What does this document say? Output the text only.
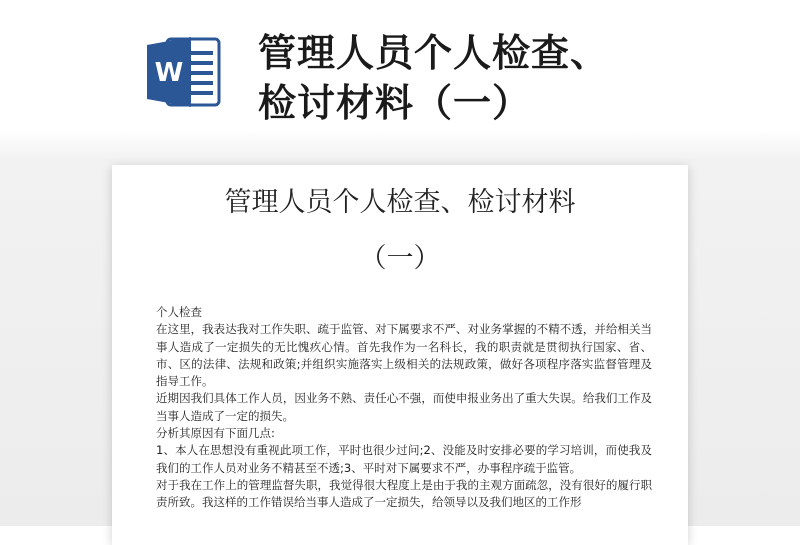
W 管理人员个人检查、
检讨材料（一）
管理人员个人检查、检讨材料
（一）

个人检查

在这里，我表达我对工作失职、疏于监管、对下属要求不严、对业务掌握的不精不透，并给相关当事人造成了一定损失的无比愧疚心情。首先我作为一名科长，我的职责就是贯彻执行国家、省、市、区的法律、法规和政策;并组织实施落实上级相关的法规政策，做好各项程序落实监督管理及指导工作。

近期因我们具体工作人员，因业务不熟、责任心不强，而使申报业务出了重大失误。给我们工作及当事人造成了一定的损失。

分析其原因有下面几点:

1、本人在思想没有重视此项工作，平时也很少过问;2、没能及时安排必要的学习培训，而使我及我们的工作人员对业务不精甚至不透;3、平时对下属要求不严，办事程序疏于监管。

对于我在工作上的管理监督失职，我觉得很大程度上是由于我的主观方面疏忽，没有很好的履行职责所致。我这样的工作错误给当事人造成了一定损失，给领导以及我们地区的工作形
